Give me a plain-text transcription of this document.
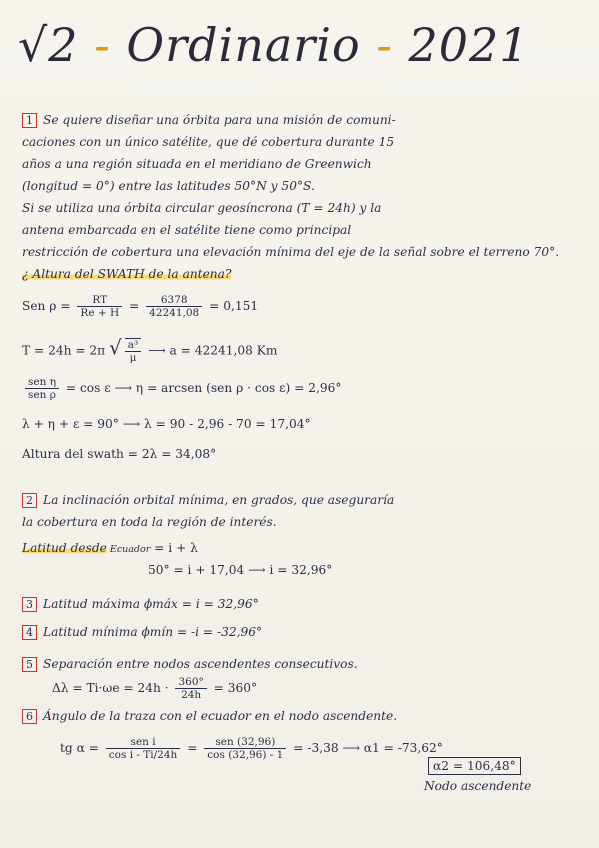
√2 - Ordinario - 2021
1 Se quiere diseñar una órbita para una misión de comuni-
caciones con un único satélite, que dé cobertura durante 15
años a una región situada en el meridiano de Greenwich
(longitud = 0°) entre las latitudes 50°N y 50°S.
Si se utiliza una órbita circular geosíncrona (T = 24h) y la
antena embarcada en el satélite tiene como principal
restricción de cobertura una elevación mínima del eje de la señal sobre el terreno 70°.
¿ Altura del SWATH de la antena?
Sen $\rho = \frac{RT}{Re + H} = \frac{6378}{42241,08} = 0,151$
T = 24h = 2π √ $\frac{\text{a³}}{\mu}$ ⟶ a = 42241,08 Km
$\frac{\text{sen η}}{\text{sen ρ}} = \cos \varepsilon$ ⟶ η = arcsen (sen ρ · cos ε) = 2,96°
λ + η + ε = 90° ⟶ λ = 90 - 2,96 - 70 = 17,04°
Altura del swath = 2λ = 34,08°
2 La inclinación orbital mínima, en grados, que aseguraría
la cobertura en toda la región de interés.
Latitud desde Ecuador = i + λ
50° = i + 17,04 ⟶ i = 32,96°
3 Latitud máxima ϕmáx = i = 32,96°
4 Latitud mínima ϕmín = -i = -32,96°
5 Separación entre nodos ascendentes consecutivos.
$\Delta\lambda = Ti\cdot\omega e = 24h \cdot \frac{360^\circ}{24h} = 360^\circ$
6 Ángulo de la traza con el ecuador en el nodo ascendente.
tg $\alpha = \frac{\text{sen i}}{\text{cos i - Ti/24h}} = \frac{\text{sen (32,96)}}{\cos (32,96) - 1} = -3,38$ ⟶ α1 = -73,62°
α2 = 106,48°
Nodo ascendente
